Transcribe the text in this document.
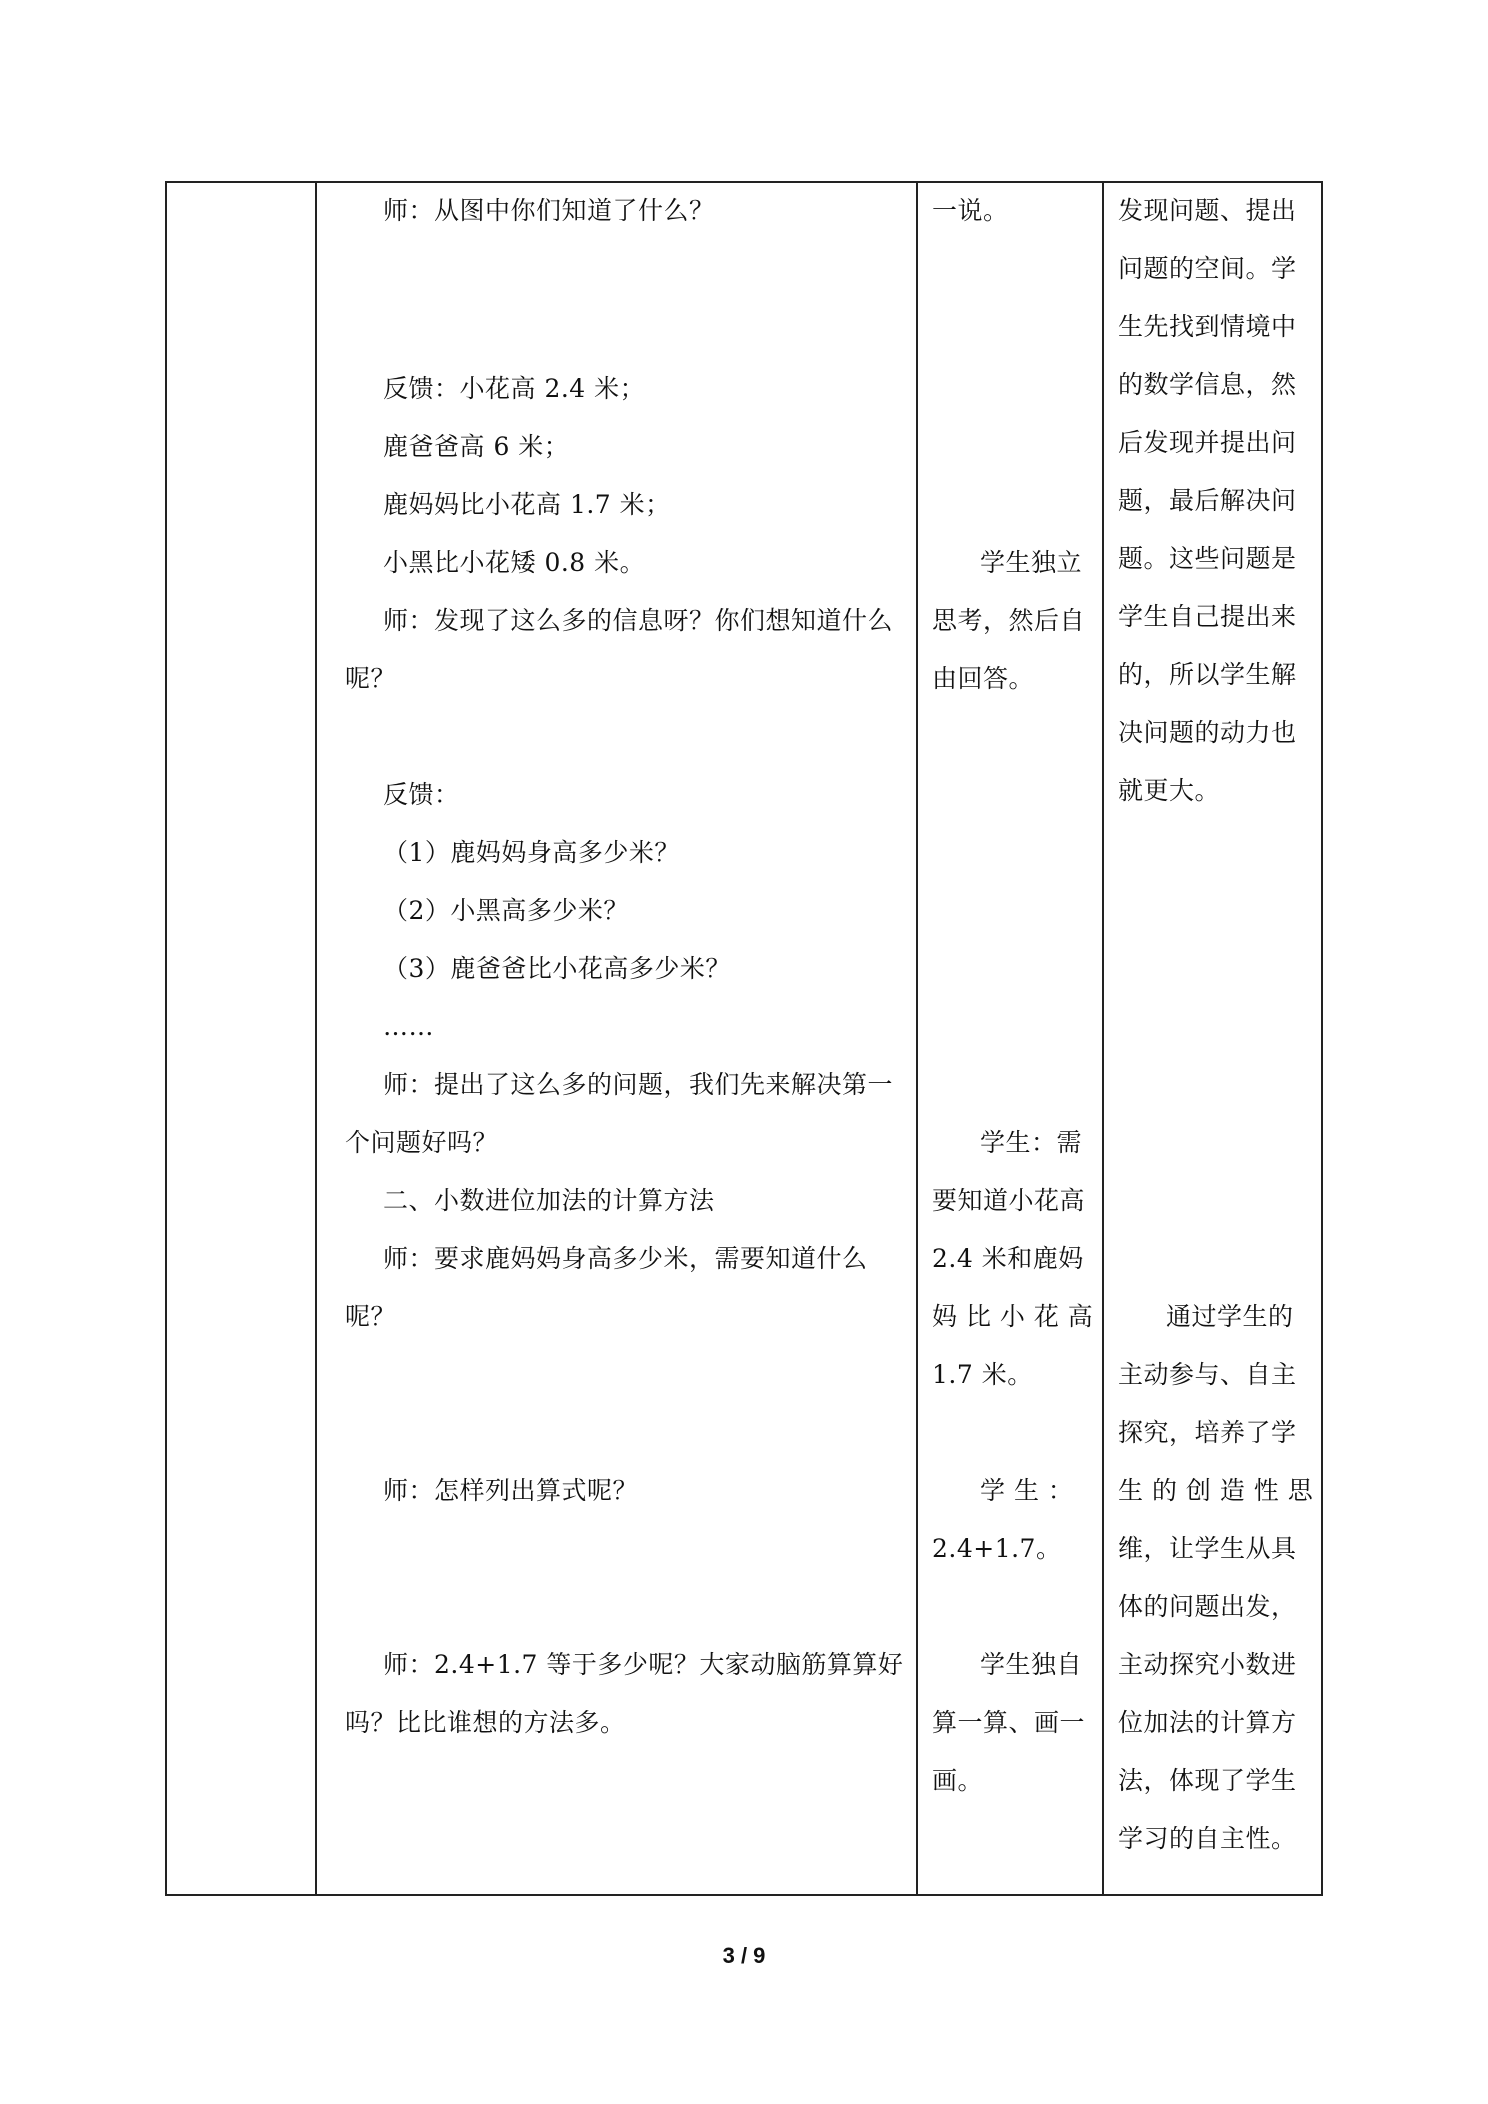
师：从图中你们知道了什么？
反馈：小花高 2.4 米；
鹿爸爸高 6 米；
鹿妈妈比小花高 1.7 米；
小黑比小花矮 0.8 米。
师：发现了这么多的信息呀？你们想知道什么
呢？
反馈：
（1）鹿妈妈身高多少米？
（2）小黑高多少米？
（3）鹿爸爸比小花高多少米？
……
师：提出了这么多的问题，我们先来解决第一
个问题好吗？
二、小数进位加法的计算方法
师：要求鹿妈妈身高多少米，需要知道什么
呢？
师：怎样列出算式呢？
师：2.4+1.7 等于多少呢？大家动脑筋算算好
吗？比比谁想的方法多。
一说。
学生独立
思考，然后自
由回答。
学生：需
要知道小花高
2.4 米和鹿妈
妈 比 小 花 高
1.7 米。
学 生 ：
2.4+1.7。
学生独自
算一算、画一
画。
发现问题、提出
问题的空间。学
生先找到情境中
的数学信息，然
后发现并提出问
题，最后解决问
题。这些问题是
学生自己提出来
的，所以学生解
决问题的动力也
就更大。
通过学生的
主动参与、自主
探究，培养了学
生 的 创 造 性 思
维，让学生从具
体的问题出发，
主动探究小数进
位加法的计算方
法，体现了学生
学习的自主性。
3 / 9
